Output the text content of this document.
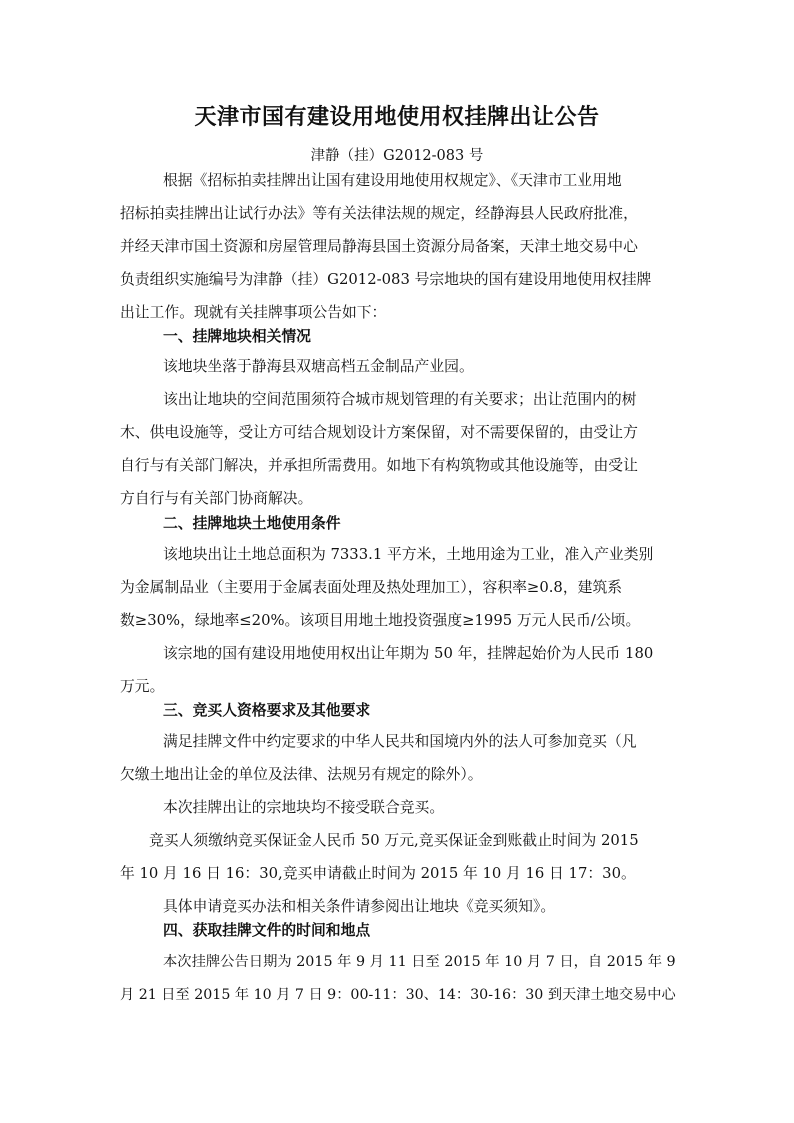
天津市国有建设用地使用权挂牌出让公告
津静（挂）G2012-083 号
根据《招标拍卖挂牌出让国有建设用地使用权规定》、《天津市工业用地
招标拍卖挂牌出让试行办法》等有关法律法规的规定，经静海县人民政府批准，
并经天津市国土资源和房屋管理局静海县国土资源分局备案，天津土地交易中心
负责组织实施编号为津静（挂）G2012-083 号宗地块的国有建设用地使用权挂牌
出让工作。现就有关挂牌事项公告如下：
一、挂牌地块相关情况
该地块坐落于静海县双塘高档五金制品产业园。
该出让地块的空间范围须符合城市规划管理的有关要求；出让范围内的树
木、供电设施等，受让方可结合规划设计方案保留，对不需要保留的，由受让方
自行与有关部门解决，并承担所需费用。如地下有构筑物或其他设施等，由受让
方自行与有关部门协商解决。
二、挂牌地块土地使用条件
该地块出让土地总面积为 7333.1 平方米，土地用途为工业，准入产业类别
为金属制品业（主要用于金属表面处理及热处理加工），容积率≥0.8，建筑系
数≥30%，绿地率≤20%。该项目用地土地投资强度≥1995 万元人民币/公顷。
该宗地的国有建设用地使用权出让年期为 50 年，挂牌起始价为人民币 180
万元。
三、竞买人资格要求及其他要求
满足挂牌文件中约定要求的中华人民共和国境内外的法人可参加竞买（凡
欠缴土地出让金的单位及法律、法规另有规定的除外）。
本次挂牌出让的宗地块均不接受联合竞买。
竞买人须缴纳竞买保证金人民币 50 万元,竞买保证金到账截止时间为 2015
年 10 月 16 日 16：30,竞买申请截止时间为 2015 年 10 月 16 日 17：30。
具体申请竞买办法和相关条件请参阅出让地块《竞买须知》。
四、获取挂牌文件的时间和地点
本次挂牌公告日期为 2015 年 9 月 11 日至 2015 年 10 月 7 日，自 2015 年 9
月 21 日至 2015 年 10 月 7 日 9：00-11：30、14：30-16：30 到天津土地交易中心
